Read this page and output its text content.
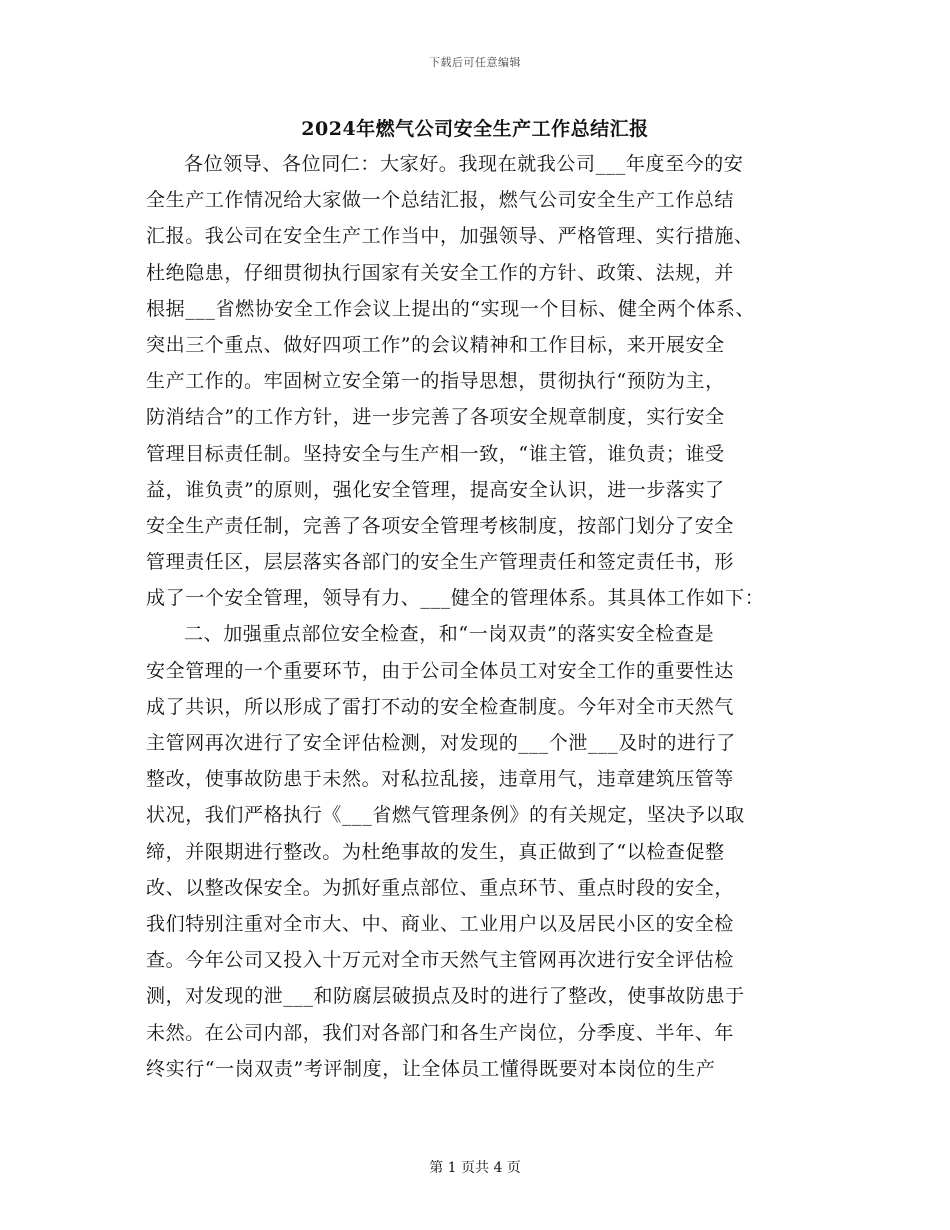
下载后可任意编辑
2024年燃气公司安全生产工作总结汇报
各位领导、各位同仁：大家好。我现在就我公司___年度至今的安
全生产工作情况给大家做一个总结汇报，燃气公司安全生产工作总结
汇报。我公司在安全生产工作当中，加强领导、严格管理、实行措施、
杜绝隐患，仔细贯彻执行国家有关安全工作的方针、政策、法规，并
根据___省燃协安全工作会议上提出的“实现一个目标、健全两个体系、
突出三个重点、做好四项工作”的会议精神和工作目标，来开展安全
生产工作的。牢固树立安全第一的指导思想，贯彻执行“预防为主，
防消结合”的工作方针，进一步完善了各项安全规章制度，实行安全
管理目标责任制。坚持安全与生产相一致，“谁主管，谁负责；谁受
益，谁负责”的原则，强化安全管理，提高安全认识，进一步落实了
安全生产责任制，完善了各项安全管理考核制度，按部门划分了安全
管理责任区，层层落实各部门的安全生产管理责任和签定责任书，形
成了一个安全管理，领导有力、___健全的管理体系。其具体工作如下：
二、加强重点部位安全检查，和“一岗双责”的落实安全检查是
安全管理的一个重要环节，由于公司全体员工对安全工作的重要性达
成了共识，所以形成了雷打不动的安全检查制度。今年对全市天然气
主管网再次进行了安全评估检测，对发现的___个泄___及时的进行了
整改，使事故防患于未然。对私拉乱接，违章用气，违章建筑压管等
状况，我们严格执行《___省燃气管理条例》的有关规定，坚决予以取
缔，并限期进行整改。为杜绝事故的发生，真正做到了“以检查促整
改、以整改保安全。为抓好重点部位、重点环节、重点时段的安全，
我们特别注重对全市大、中、商业、工业用户以及居民小区的安全检
查。今年公司又投入十万元对全市天然气主管网再次进行安全评估检
测，对发现的泄___和防腐层破损点及时的进行了整改，使事故防患于
未然。在公司内部，我们对各部门和各生产岗位，分季度、半年、年
终实行“一岗双责”考评制度，让全体员工懂得既要对本岗位的生产
第 1 页共 4 页
